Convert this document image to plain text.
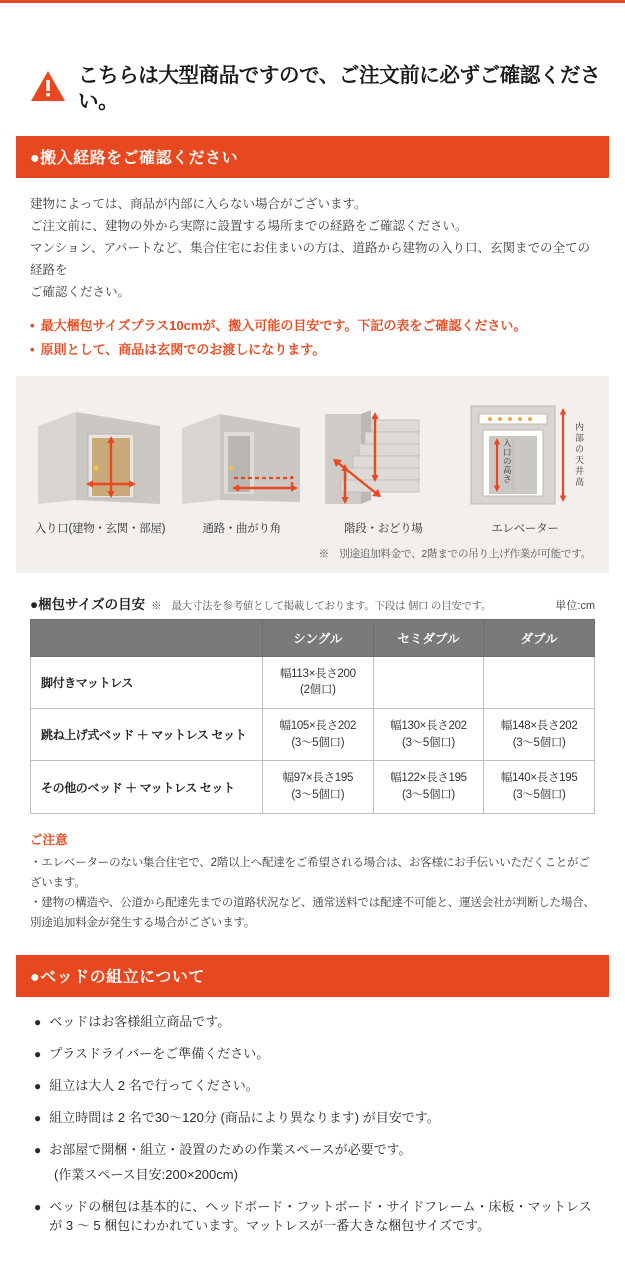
こちらは大型商品ですので、ご注文前に必ずご確認ください。
●搬入経路をご確認ください
建物によっては、商品が内部に入らない場合がございます。
ご注文前に、建物の外から実際に設置する場所までの経路をご確認ください。
マンション、アパートなど、集合住宅にお住まいの方は、道路から建物の入り口、玄関までの全ての経路を
ご確認ください。
• 最大梱包サイズプラス10cmが、搬入可能の目安です。下記の表をご確認ください。
• 原則として、商品は玄関でのお渡しになります。
入り口(建物・玄関・部屋)	通路・曲がり角	階段・おどり場
内
部
の
天
井
高
入
口
の
高
さ
エレベーター
※　別途追加料金で、2階までの吊り上げ作業が可能です。
●梱包サイズの目安 ※　最大寸法を参考値として掲載しております。下段は 個口 の目安です。	単位:cm
	シングル	セミダブル	ダブル
脚付きマットレス	幅113×長さ200
(2個口)		
跳ね上げ式ベッド ＋ マットレス セット	幅105×長さ202
(3〜5個口)	幅130×長さ202
(3〜5個口)	幅148×長さ202
(3〜5個口)
その他のベッド ＋ マットレス セット	幅97×長さ195
(3〜5個口)	幅122×長さ195
(3〜5個口)	幅140×長さ195
(3〜5個口)
ご注意
・エレベーターのない集合住宅で、2階以上へ配達をご希望される場合は、お客様にお手伝いいただくことがございます。
・建物の構造や、公道から配達先までの道路状況など、通常送料では配達不可能と、運送会社が判断した場合、別途追加料金が発生する場合がございます。
●ベッドの組立について
● ベッドはお客様組立商品です。
● プラスドライバーをご準備ください。
● 組立は大人 2 名で行ってください。
● 組立時間は 2 名で30〜120分 (商品により異なります) が目安です。
● お部屋で開梱・組立・設置のための作業スペースが必要です。
(作業スペース目安:200×200cm)
● ベッドの梱包は基本的に、ヘッドボード・フットボード・サイドフレーム・床板・マットレス が 3 〜 5 梱包にわかれています。マットレスが一番大きな梱包サイズです。
